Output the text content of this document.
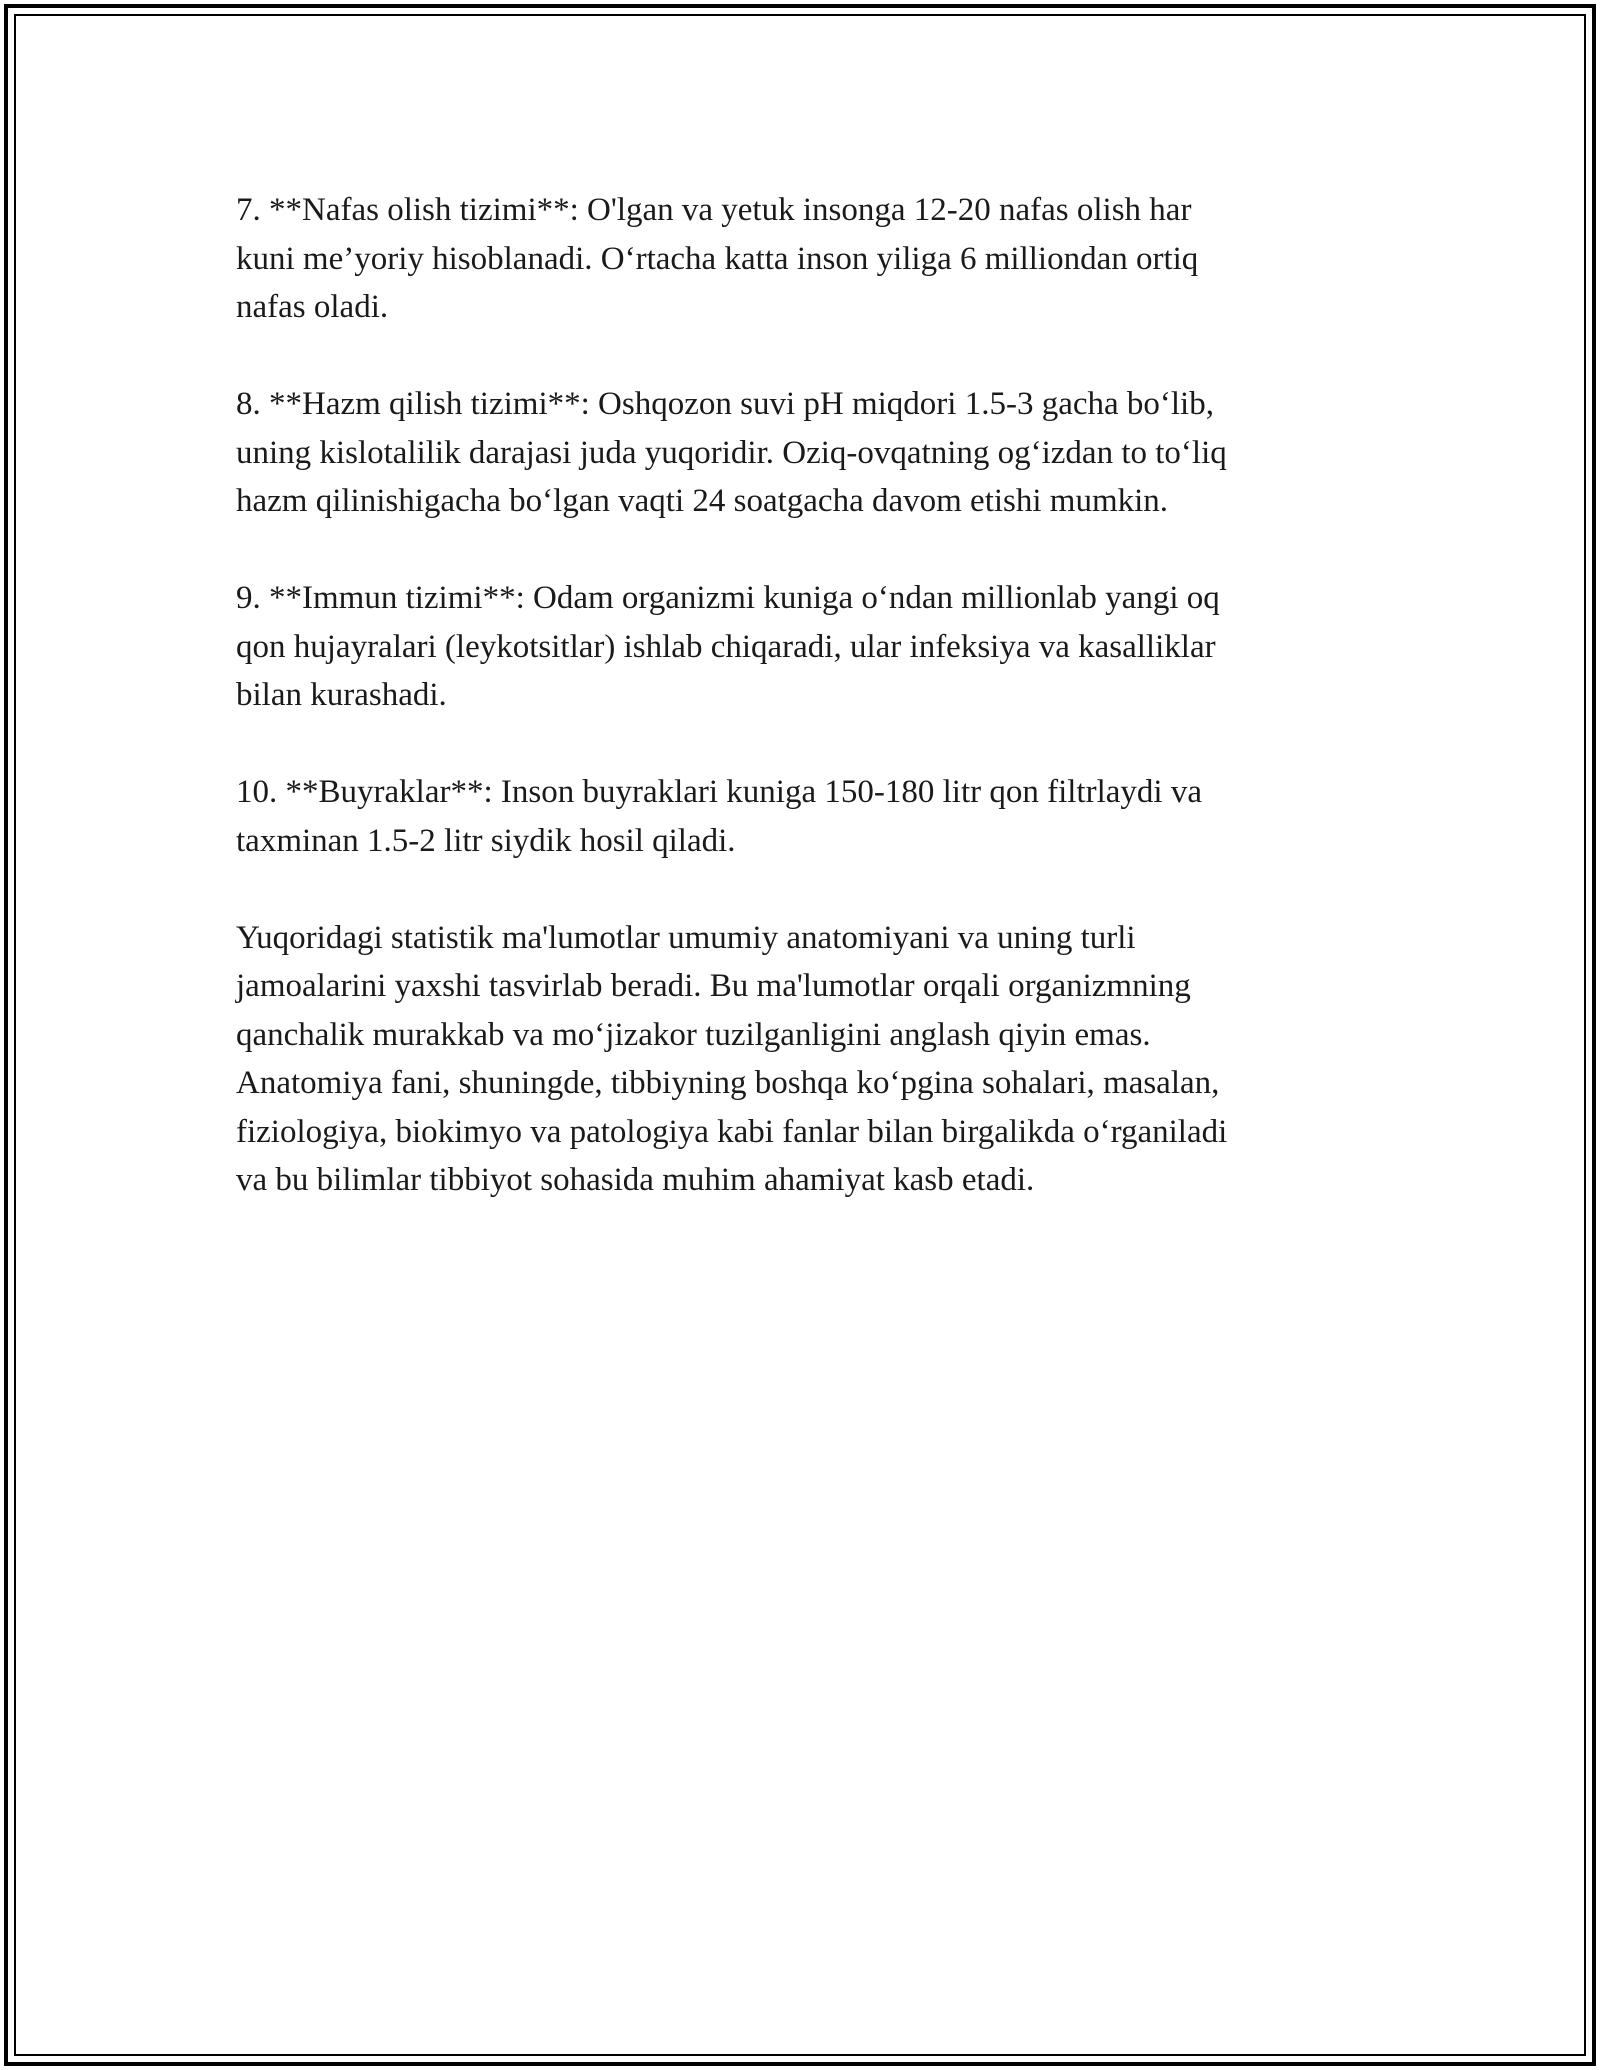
7. **Nafas olish tizimi**: O'lgan va yetuk insonga 12-20 nafas olish har
kuni me’yoriy hisoblanadi. O‘rtacha katta inson yiliga 6 milliondan ortiq
nafas oladi.

8. **Hazm qilish tizimi**: Oshqozon suvi pH miqdori 1.5-3 gacha bo‘lib,
uning kislotalilik darajasi juda yuqoridir. Oziq-ovqatning og‘izdan to to‘liq
hazm qilinishigacha bo‘lgan vaqti 24 soatgacha davom etishi mumkin.

9. **Immun tizimi**: Odam organizmi kuniga o‘ndan millionlab yangi oq
qon hujayralari (leykotsitlar) ishlab chiqaradi, ular infeksiya va kasalliklar
bilan kurashadi.

10. **Buyraklar**: Inson buyraklari kuniga 150-180 litr qon filtrlaydi va
taxminan 1.5-2 litr siydik hosil qiladi.

Yuqoridagi statistik ma'lumotlar umumiy anatomiyani va uning turli
jamoalarini yaxshi tasvirlab beradi. Bu ma'lumotlar orqali organizmning
qanchalik murakkab va mo‘jizakor tuzilganligini anglash qiyin emas.
Anatomiya fani, shuningde, tibbiyning boshqa ko‘pgina sohalari, masalan,
fiziologiya, biokimyo va patologiya kabi fanlar bilan birgalikda o‘rganiladi
va bu bilimlar tibbiyot sohasida muhim ahamiyat kasb etadi.
